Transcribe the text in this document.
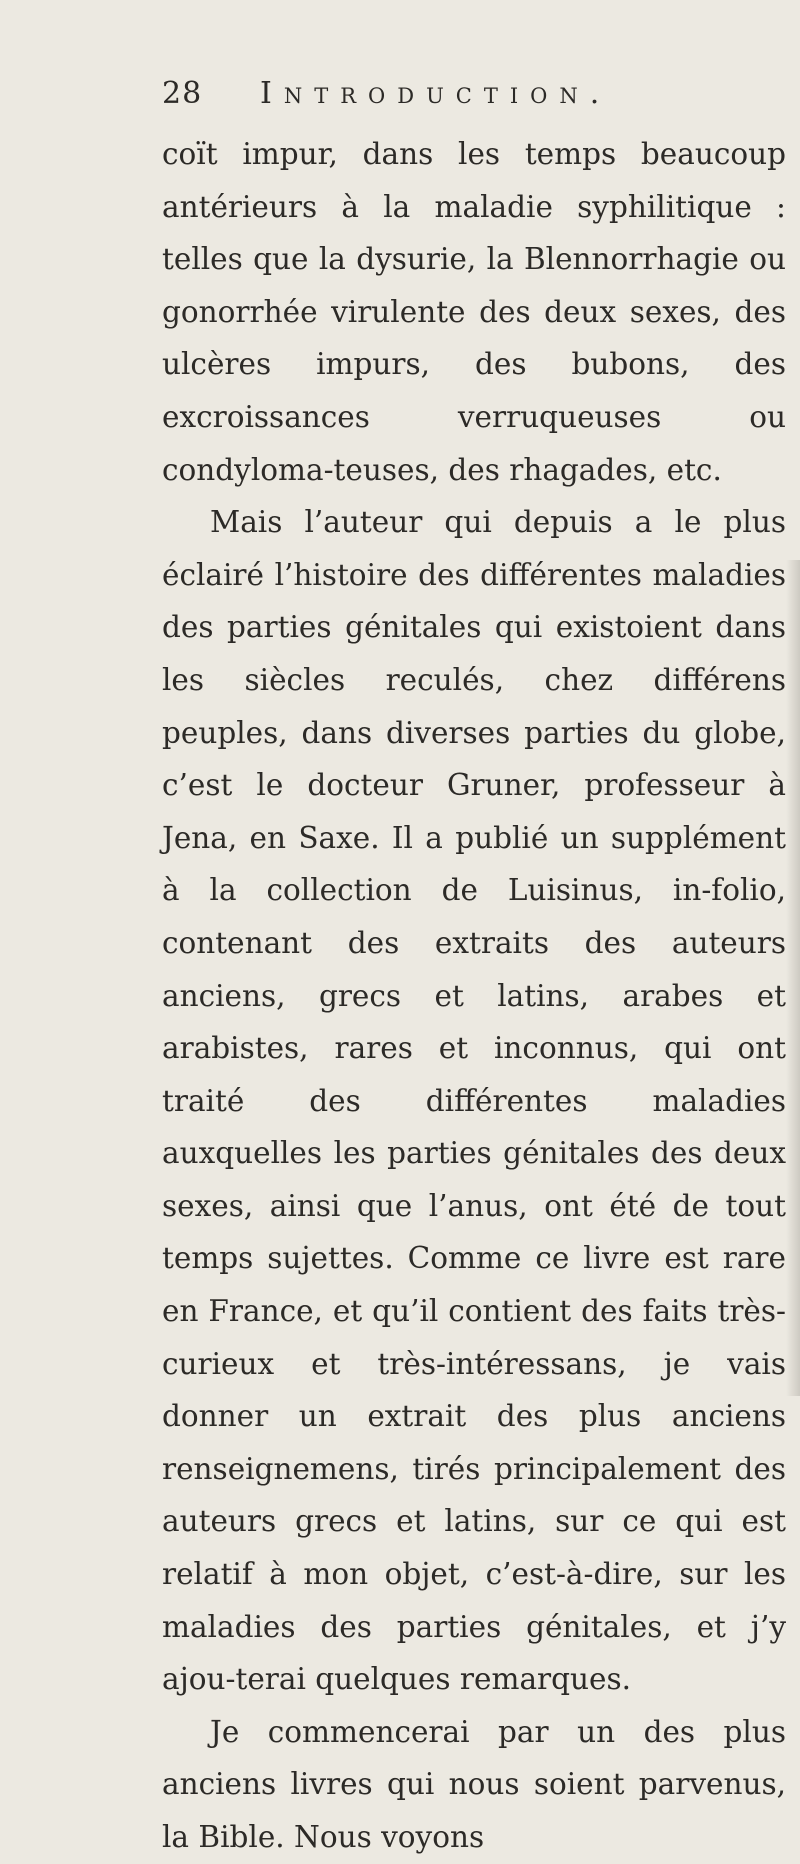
28 Introduction.

coït impur, dans les temps beaucoup antérieurs à la maladie syphilitique : telles que la dysurie, la Blennorrhagie ou gonorrhée virulente des deux sexes, des ulcères impurs, des bubons, des excroissances verruqueuses ou condyloma-teuses, des rhagades, etc.

Mais l’auteur qui depuis a le plus éclairé l’histoire des différentes maladies des parties génitales qui existoient dans les siècles reculés, chez différens peuples, dans diverses parties du globe, c’est le docteur Gruner, professeur à Jena, en Saxe. Il a publié un supplément à la collection de Luisinus, in-folio, contenant des extraits des auteurs anciens, grecs et latins, arabes et arabistes, rares et inconnus, qui ont traité des différentes maladies auxquelles les parties génitales des deux sexes, ainsi que l’anus, ont été de tout temps sujettes. Comme ce livre est rare en France, et qu’il contient des faits très-curieux et très-intéressans, je vais donner un extrait des plus anciens renseignemens, tirés principalement des auteurs grecs et latins, sur ce qui est relatif à mon objet, c’est-à-dire, sur les maladies des parties génitales, et j’y ajou-terai quelques remarques.

Je commencerai par un des plus anciens livres qui nous soient parvenus, la Bible. Nous voyons
